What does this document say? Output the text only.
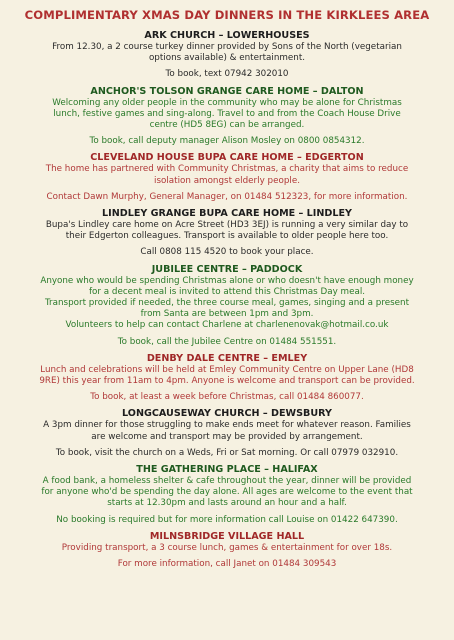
COMPLIMENTARY XMAS DAY DINNERS IN THE KIRKLEES AREA
ARK CHURCH – LOWERHOUSES

From 12.30, a 2 course turkey dinner provided by Sons of the North (vegetarian

options available) & entertainment.

To book, text 07942 302010

ANCHOR'S TOLSON GRANGE CARE HOME – DALTON

Welcoming any older people in the community who may be alone for Christmas

lunch, festive games and sing-along. Travel to and from the Coach House Drive

centre (HD5 8EG) can be arranged.

To book, call deputy manager Alison Mosley on 0800 0854312.

CLEVELAND HOUSE BUPA CARE HOME – EDGERTON

The home has partnered with Community Christmas, a charity that aims to reduce

isolation amongst elderly people.

Contact Dawn Murphy, General Manager, on 01484 512323, for more information.

LINDLEY GRANGE BUPA CARE HOME – LINDLEY

Bupa's Lindley care home on Acre Street (HD3 3EJ) is running a very similar day to

their Edgerton colleagues. Transport is available to older people here too.

Call 0808 115 4520 to book your place.

JUBILEE CENTRE – PADDOCK

Anyone who would be spending Christmas alone or who doesn't have enough money

for a decent meal is invited to attend this Christmas Day meal.

Transport provided if needed, the three course meal, games, singing and a present

from Santa are between 1pm and 3pm.

Volunteers to help can contact Charlene at charlenenovak@hotmail.co.uk

To book, call the Jubilee Centre on 01484 551551.

DENBY DALE CENTRE – EMLEY

Lunch and celebrations will be held at Emley Community Centre on Upper Lane (HD8

9RE) this year from 11am to 4pm. Anyone is welcome and transport can be provided.

To book, at least a week before Christmas, call 01484 860077.

LONGCAUSEWAY CHURCH – DEWSBURY

A 3pm dinner for those struggling to make ends meet for whatever reason. Families

are welcome and transport may be provided by arrangement.

To book, visit the church on a Weds, Fri or Sat morning. Or call 07979 032910.

THE GATHERING PLACE – HALIFAX

A food bank, a homeless shelter & cafe throughout the year, dinner will be provided

for anyone who'd be spending the day alone. All ages are welcome to the event that

starts at 12.30pm and lasts around an hour and a half.

No booking is required but for more information call Louise on 01422 647390.

MILNSBRIDGE VILLAGE HALL

Providing transport, a 3 course lunch, games & entertainment for over 18s.

For more information, call Janet on 01484 309543
